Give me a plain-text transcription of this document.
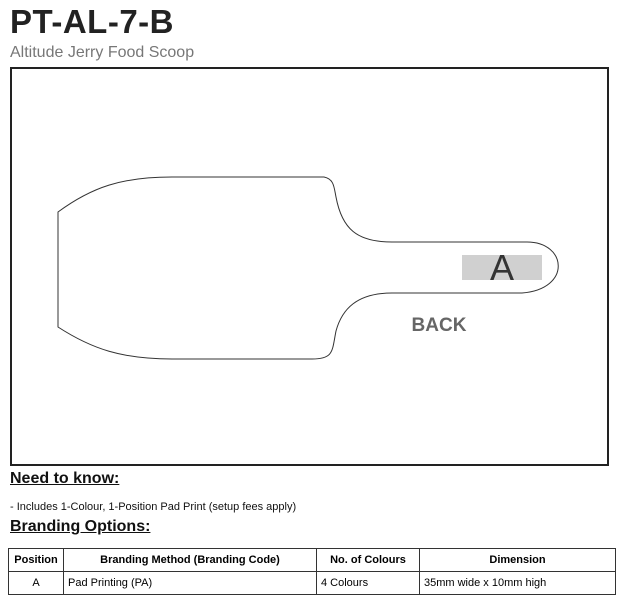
PT-AL-7-B
Altitude Jerry Food Scoop
A
BACK
Need to know:
- Includes 1-Colour, 1-Position Pad Print (setup fees apply)
Branding Options:
Position	Branding Method (Branding Code)	No. of Colours	Dimension
A	Pad Printing (PA)	4 Colours	35mm wide x 10mm high
